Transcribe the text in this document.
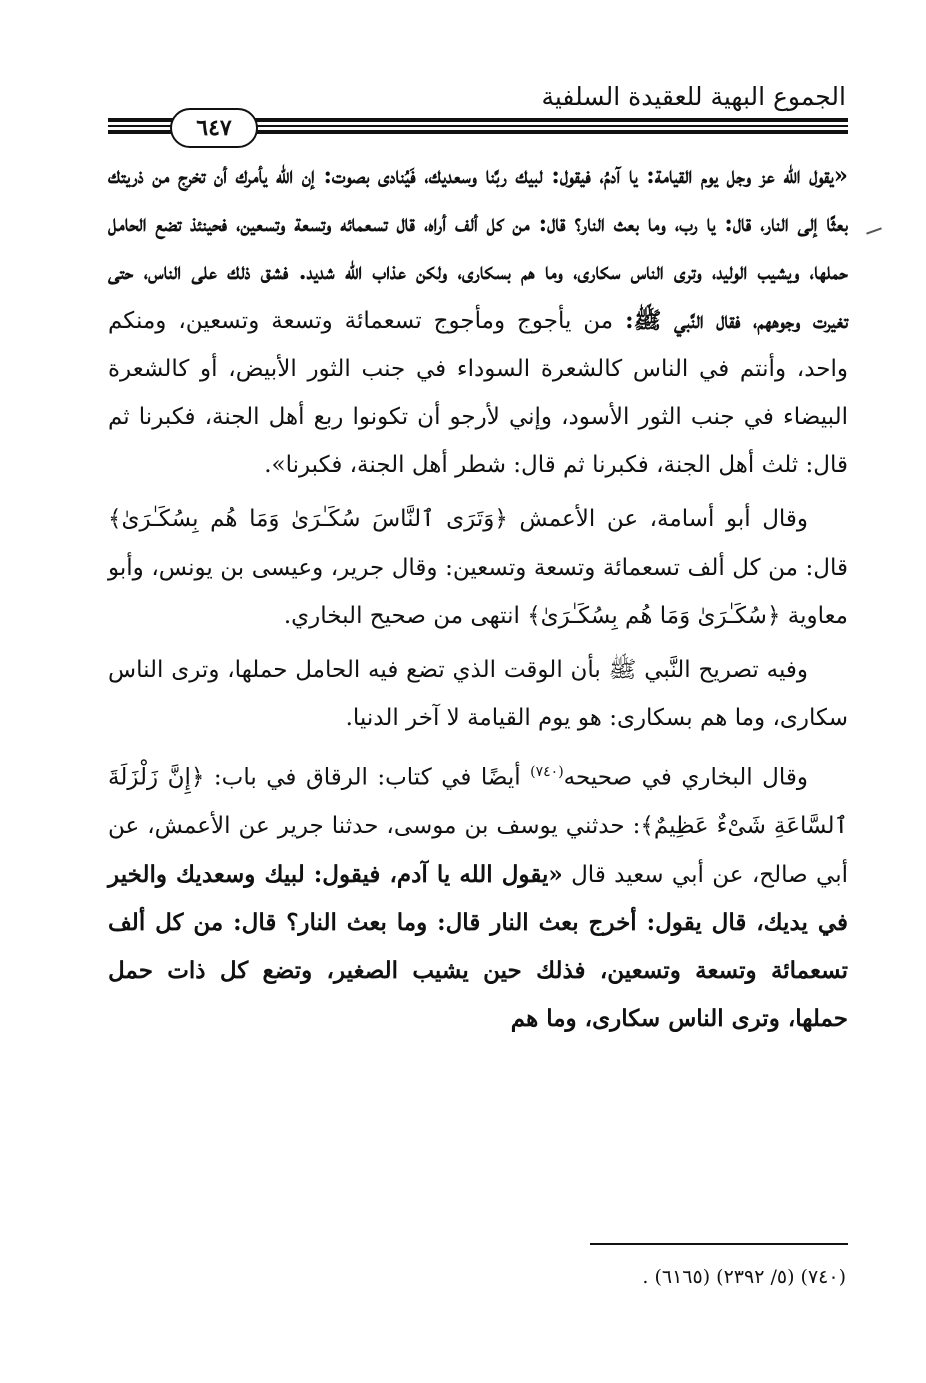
الجموع البهية للعقيدة السلفية
٦٤٧

«يقول الله عز وجل يوم القيامة: يا آدمُ، فيقول: لبيك ربَّنا وسعديك، فَيُنادى بصوت: إن الله يأمرك أن تخرج من ذريتك بعثًا إلى النار، قال: يا رب، وما بعث النار؟ قال: من كل ألف أراه، قال تسعمائه وتسعة وتسعين، فحينئذ تضع الحامل حملها، ويشيب الوليد، وترى الناس سكارى، وما هم بسكارى، ولكن عذاب الله شديد. فشق ذلك على الناس، حتى تغيرت وجوههم، فقال النَّبي ﷺ: من يأجوج ومأجوج تسعمائة وتسعة وتسعين، ومنكم واحد، وأنتم في الناس كالشعرة السوداء في جنب الثور الأبيض، أو كالشعرة البيضاء في جنب الثور الأسود، وإني لأرجو أن تكونوا ربع أهل الجنة، فكبرنا ثم قال: ثلث أهل الجنة، فكبرنا ثم قال: شطر أهل الجنة، فكبرنا».

وقال أبو أسامة، عن الأعمش ﴿وَتَرَى ٱلنَّاسَ سُكَـٰرَىٰ وَمَا هُم بِسُكَـٰرَىٰ﴾ قال: من كل ألف تسعمائة وتسعة وتسعين: وقال جرير، وعيسى بن يونس، وأبو معاوية ﴿سُكَـٰرَىٰ وَمَا هُم بِسُكَـٰرَىٰ﴾ انتهى من صحيح البخاري.

وفيه تصريح النَّبي ﷺ بأن الوقت الذي تضع فيه الحامل حملها، وترى الناس سكارى، وما هم بسكارى: هو يوم القيامة لا آخر الدنيا.

وقال البخاري في صحيحه$^{(٧٤٠)}$ أيضًا في كتاب: الرقاق في باب: ﴿إِنَّ زَلْزَلَةَ ٱلسَّاعَةِ شَىْءٌ عَظِيمٌ﴾: حدثني يوسف بن موسى، حدثنا جرير عن الأعمش، عن أبي صالح، عن أبي سعيد قال «يقول الله يا آدم، فيقول: لبيك وسعديك والخير في يديك، قال يقول: أخرج بعث النار قال: وما بعث النار؟ قال: من كل ألف تسعمائة وتسعة وتسعين، فذلك حين يشيب الصغير، وتضع كل ذات حمل حملها، وترى الناس سكارى، وما هم

(٧٤٠) (٥/ ٢٣٩٢) (٦١٦٥) .
